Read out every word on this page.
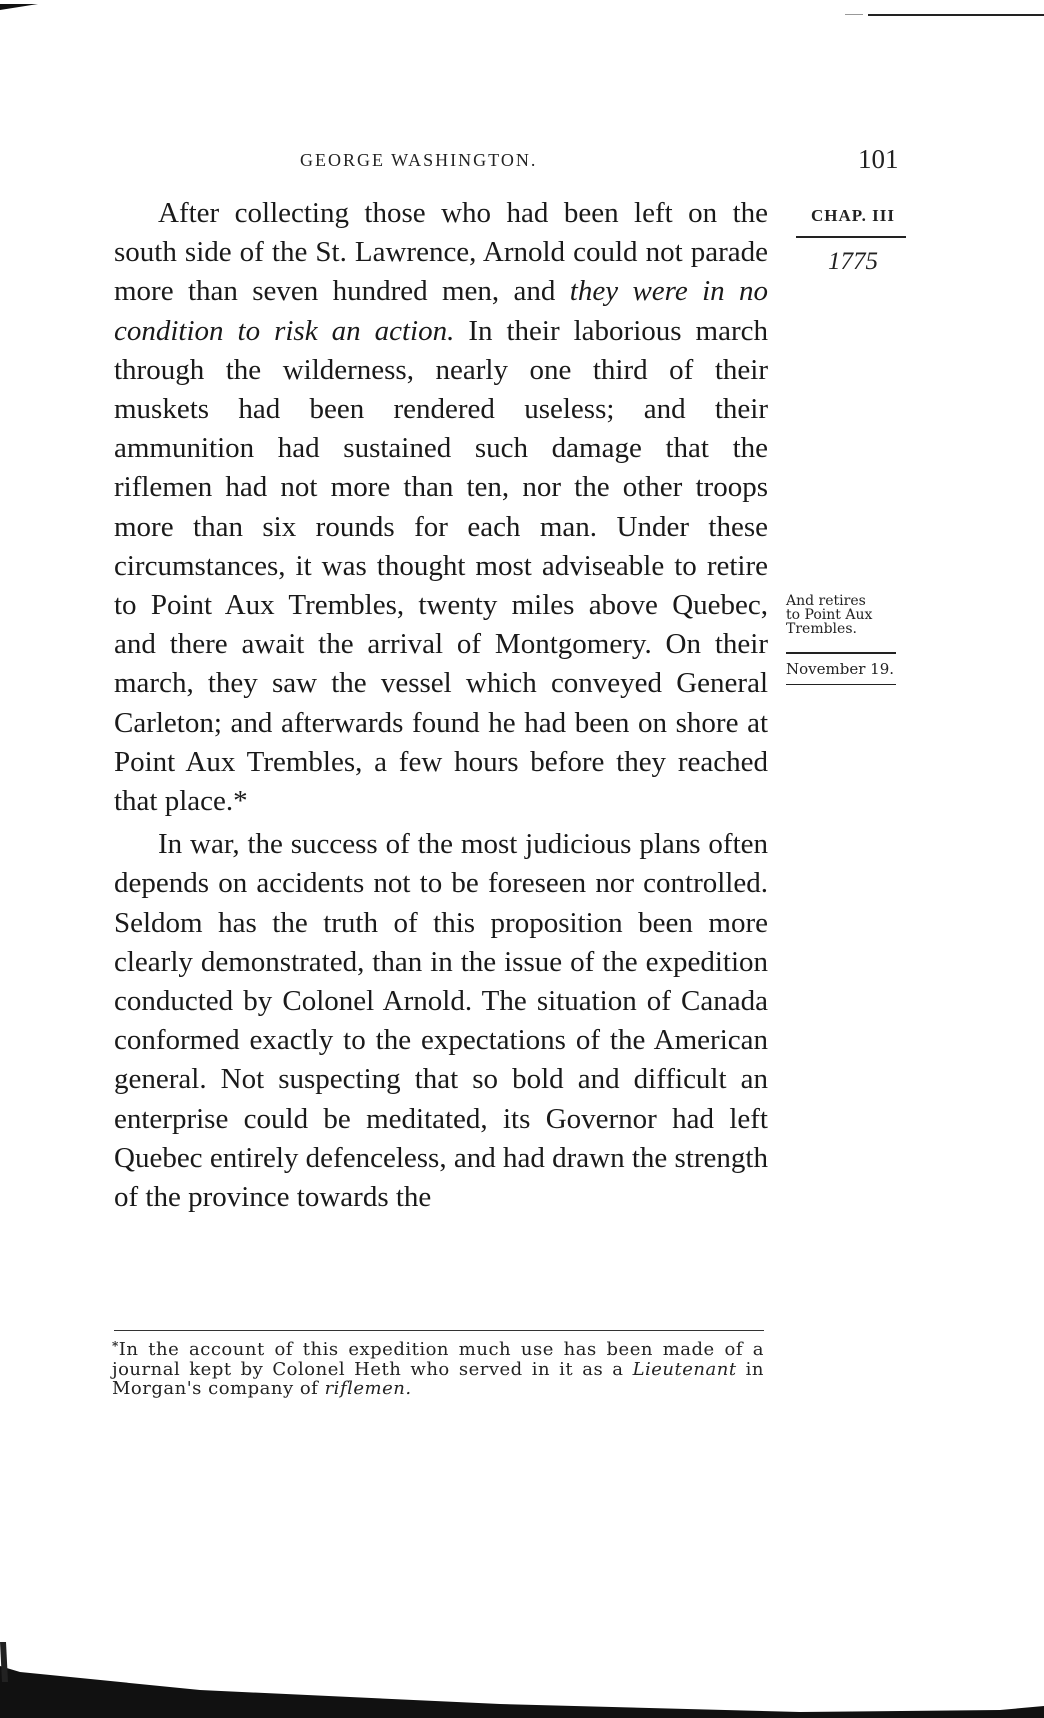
GEORGE WASHINGTON.	101

After collecting those who had been left on the south side of the St. Lawrence, Arnold could not parade more than seven hundred men, and they were in no condition to risk an action. In their laborious march through the wilderness, nearly one third of their muskets had been rendered useless; and their ammunition had sustained such damage that the riflemen had not more than ten, nor the other troops more than six rounds for each man. Under these circumstances, it was thought most adviseable to retire to Point Aux Trembles, twenty miles above Quebec, and there await the arrival of Montgomery. On their march, they saw the vessel which conveyed General Carleton; and afterwards found he had been on shore at Point Aux Trembles, a few hours before they reached that place.*

In war, the success of the most judicious plans often depends on accidents not to be foreseen nor controlled. Seldom has the truth of this proposition been more clearly demonstrated, than in the issue of the expedition conducted by Colonel Arnold. The situation of Canada conformed exactly to the expectations of the American general. Not suspecting that so bold and difficult an enterprise could be meditated, its Governor had left Quebec entirely defenceless, and had drawn the strength of the province towards the

CHAP. III
1775
And retires
to Point Aux
Trembles.
November 19.
*In the account of this expedition much use has been made of a journal kept by Colonel Heth who served in it as a Lieutenant in Morgan's company of riflemen.
